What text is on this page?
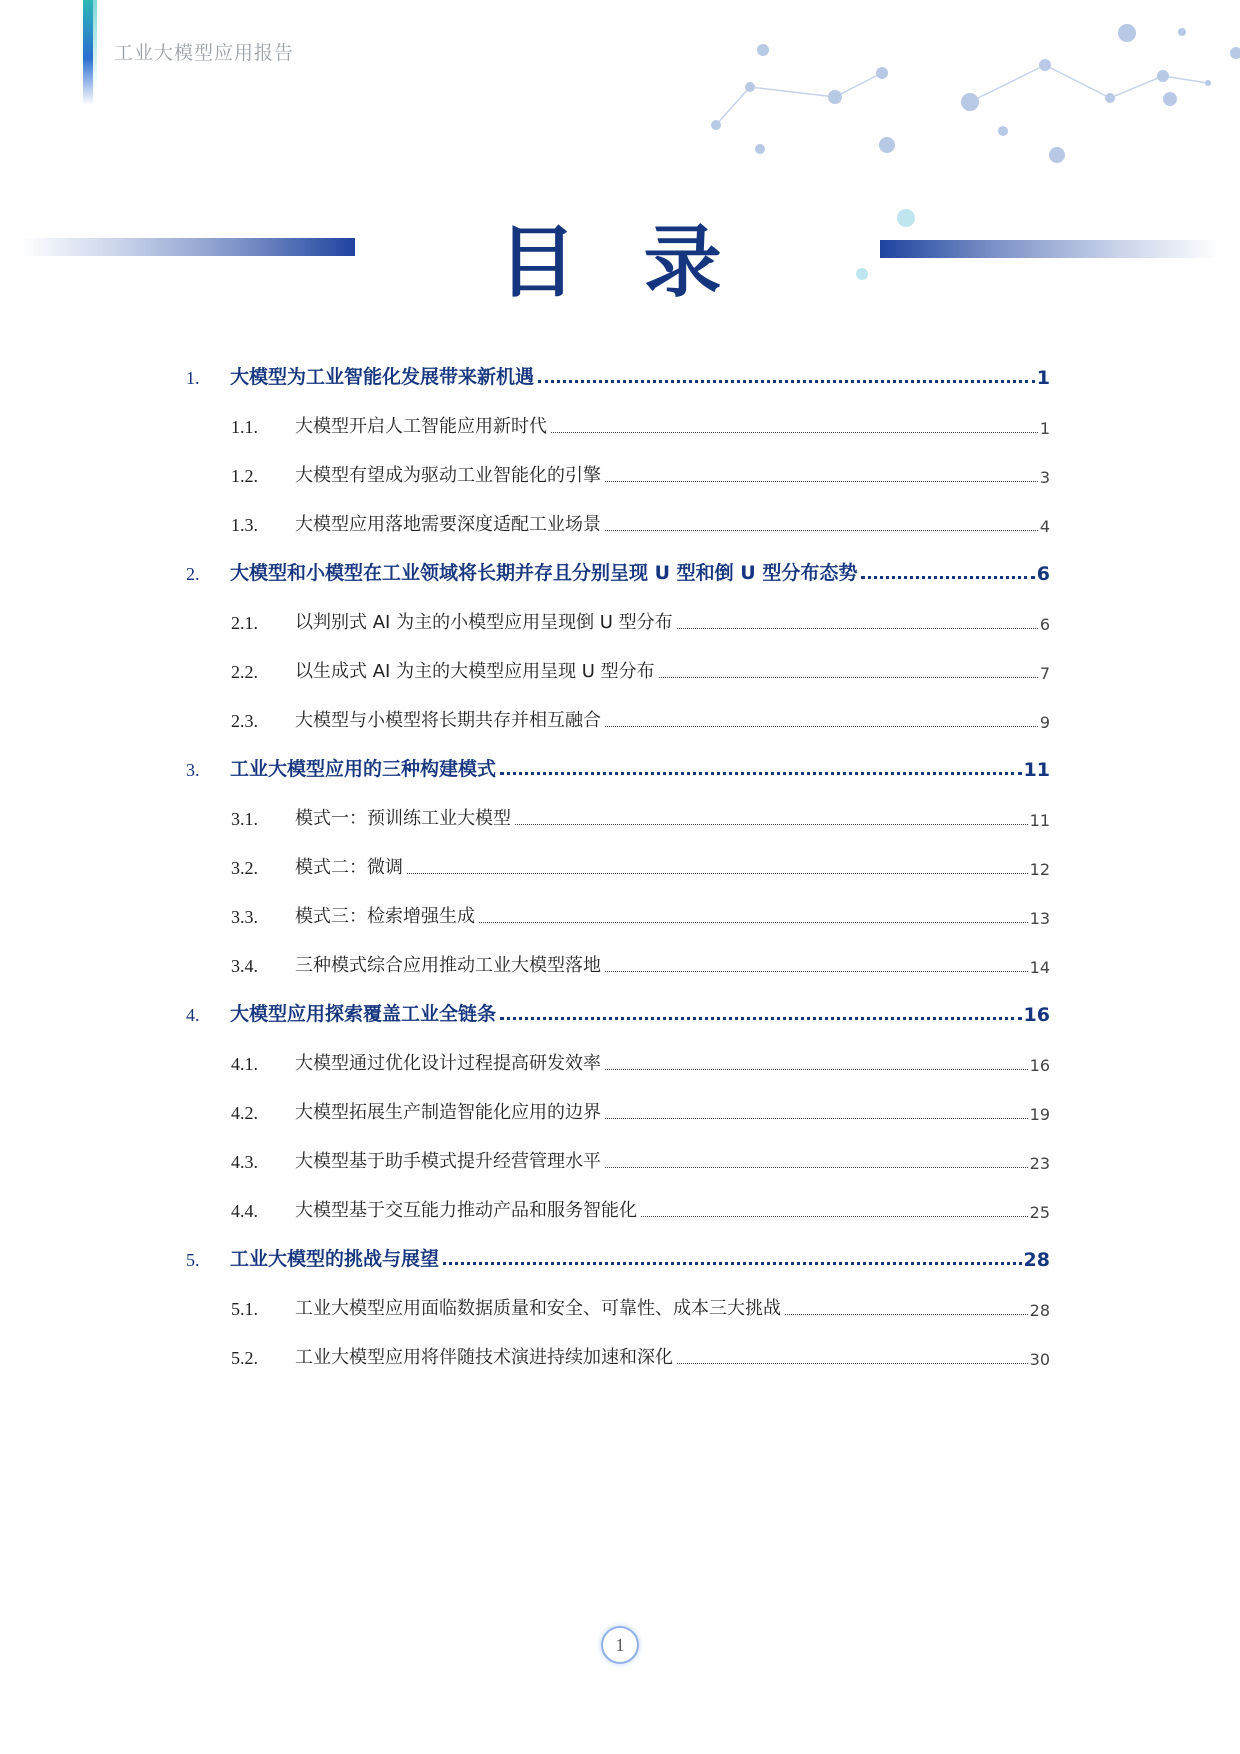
工业大模型应用报告
目 录
1.	大模型为工业智能化发展带来新机遇	1
1.1.	大模型开启人工智能应用新时代	1
1.2.	大模型有望成为驱动工业智能化的引擎	3
1.3.	大模型应用落地需要深度适配工业场景	4
2.	大模型和小模型在工业领域将长期并存且分别呈现 U 型和倒 U 型分布态势	6
2.1.	以判别式 AI 为主的小模型应用呈现倒 U 型分布	6
2.2.	以生成式 AI 为主的大模型应用呈现 U 型分布	7
2.3.	大模型与小模型将长期共存并相互融合	9
3.	工业大模型应用的三种构建模式	11
3.1.	模式一：预训练工业大模型	11
3.2.	模式二：微调	12
3.3.	模式三：检索增强生成	13
3.4.	三种模式综合应用推动工业大模型落地	14
4.	大模型应用探索覆盖工业全链条	16
4.1.	大模型通过优化设计过程提高研发效率	16
4.2.	大模型拓展生产制造智能化应用的边界	19
4.3.	大模型基于助手模式提升经营管理水平	23
4.4.	大模型基于交互能力推动产品和服务智能化	25
5.	工业大模型的挑战与展望	28
5.1.	工业大模型应用面临数据质量和安全、可靠性、成本三大挑战	28
5.2.	工业大模型应用将伴随技术演进持续加速和深化	30
1
